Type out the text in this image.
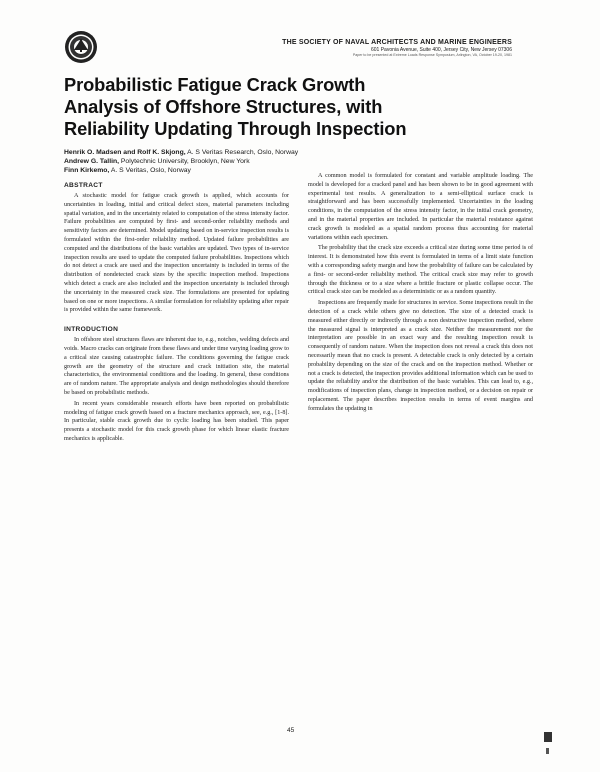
THE SOCIETY OF NAVAL ARCHITECTS AND MARINE ENGINEERS
601 Pavonia Avenue, Suite 400, Jersey City, New Jersey 07306
Paper to be presented at Extreme Loads Response Symposium, Arlington, VA, October 19-20, 1981
Probabilistic Fatigue Crack Growth
Analysis of Offshore Structures, with
Reliability Updating Through Inspection
Henrik O. Madsen and Rolf K. Skjong, A. S Veritas Research, Oslo, Norway
Andrew G. Tallin, Polytechnic University, Brooklyn, New York
Finn Kirkemo, A. S Veritas, Oslo, Norway
ABSTRACT

A stochastic model for fatigue crack growth is applied, which accounts for uncertainties in loading, initial and critical defect sizes, material parameters including spatial variation, and in the uncertainty related to computation of the stress intensity factor. Failure probabilities are computed by first- and second-order reliability methods and sensitivity factors are determined. Model updating based on in-service inspection results is formulated within the first-order reliability method. Updated failure probabilities are computed and the distributions of the basic variables are updated. Two types of in-service inspection results are used to update the computed failure probabilities. Inspections which do not detect a crack are used and the inspection uncertainty is included in terms of the distribution of nondetected crack sizes by the specific inspection method. Inspections which detect a crack are also included and the inspection uncertainty is included through the uncertainty in the measured crack size. The formulations are presented for updating based on one or more inspections. A similar formulation for reliability updating after repair is provided within the same framework.

INTRODUCTION

In offshore steel structures flaws are inherent due to, e.g., notches, welding defects and voids. Macro cracks can originate from these flaws and under time varying loading grow to a critical size causing catastrophic failure. The conditions governing the fatigue crack growth are the geometry of the structure and crack initiation site, the material characteristics, the environmental conditions and the loading. In general, these conditions are of random nature. The appropriate analysis and design methodologies should therefore be based on probabilistic methods.

In recent years considerable research efforts have been reported on probabilistic modeling of fatigue crack growth based on a fracture mechanics approach, see, e.g., [1-8]. In particular, stable crack growth due to cyclic loading has been studied. This paper presents a stochastic model for this crack growth phase for which linear elastic fracture mechanics is applicable.

A common model is formulated for constant and variable amplitude loading. The model is developed for a cracked panel and has been shown to be in good agreement with experimental test results. A generalization to a semi-elliptical surface crack is straightforward and has been successfully implemented. Uncertainties in the loading conditions, in the computation of the stress intensity factor, in the initial crack geometry, and in the material properties are included. In particular the material resistance against crack growth is modeled as a spatial random process thus accounting for material variations within each specimen.

The probability that the crack size exceeds a critical size during some time period is of interest. It is demonstrated how this event is formulated in terms of a limit state function with a corresponding safety margin and how the probability of failure can be calculated by a first- or second-order reliability method. The critical crack size may refer to growth through the thickness or to a size where a brittle fracture or plastic collapse occur. The critical crack size can be modeled as a deterministic or as a random quantity.

Inspections are frequently made for structures in service. Some inspections result in the detection of a crack while others give no detection. The size of a detected crack is measured either directly or indirectly through a non destructive inspection method, where the measured signal is interpreted as a crack size. Neither the measurement nor the interpretation are possible in an exact way and the resulting inspection result is consequently of random nature. When the inspection does not reveal a crack this does not necessarily mean that no crack is present. A detectable crack is only detected by a certain probability depending on the size of the crack and on the inspection method. Whether or not a crack is detected, the inspection provides additional information which can be used to update the reliability and/or the distribution of the basic variables. This can lead to, e.g., modifications of inspection plans, change in inspection method, or a decision on repair or replacement. The paper describes inspection results in terms of event margins and formulates the updating in

45
